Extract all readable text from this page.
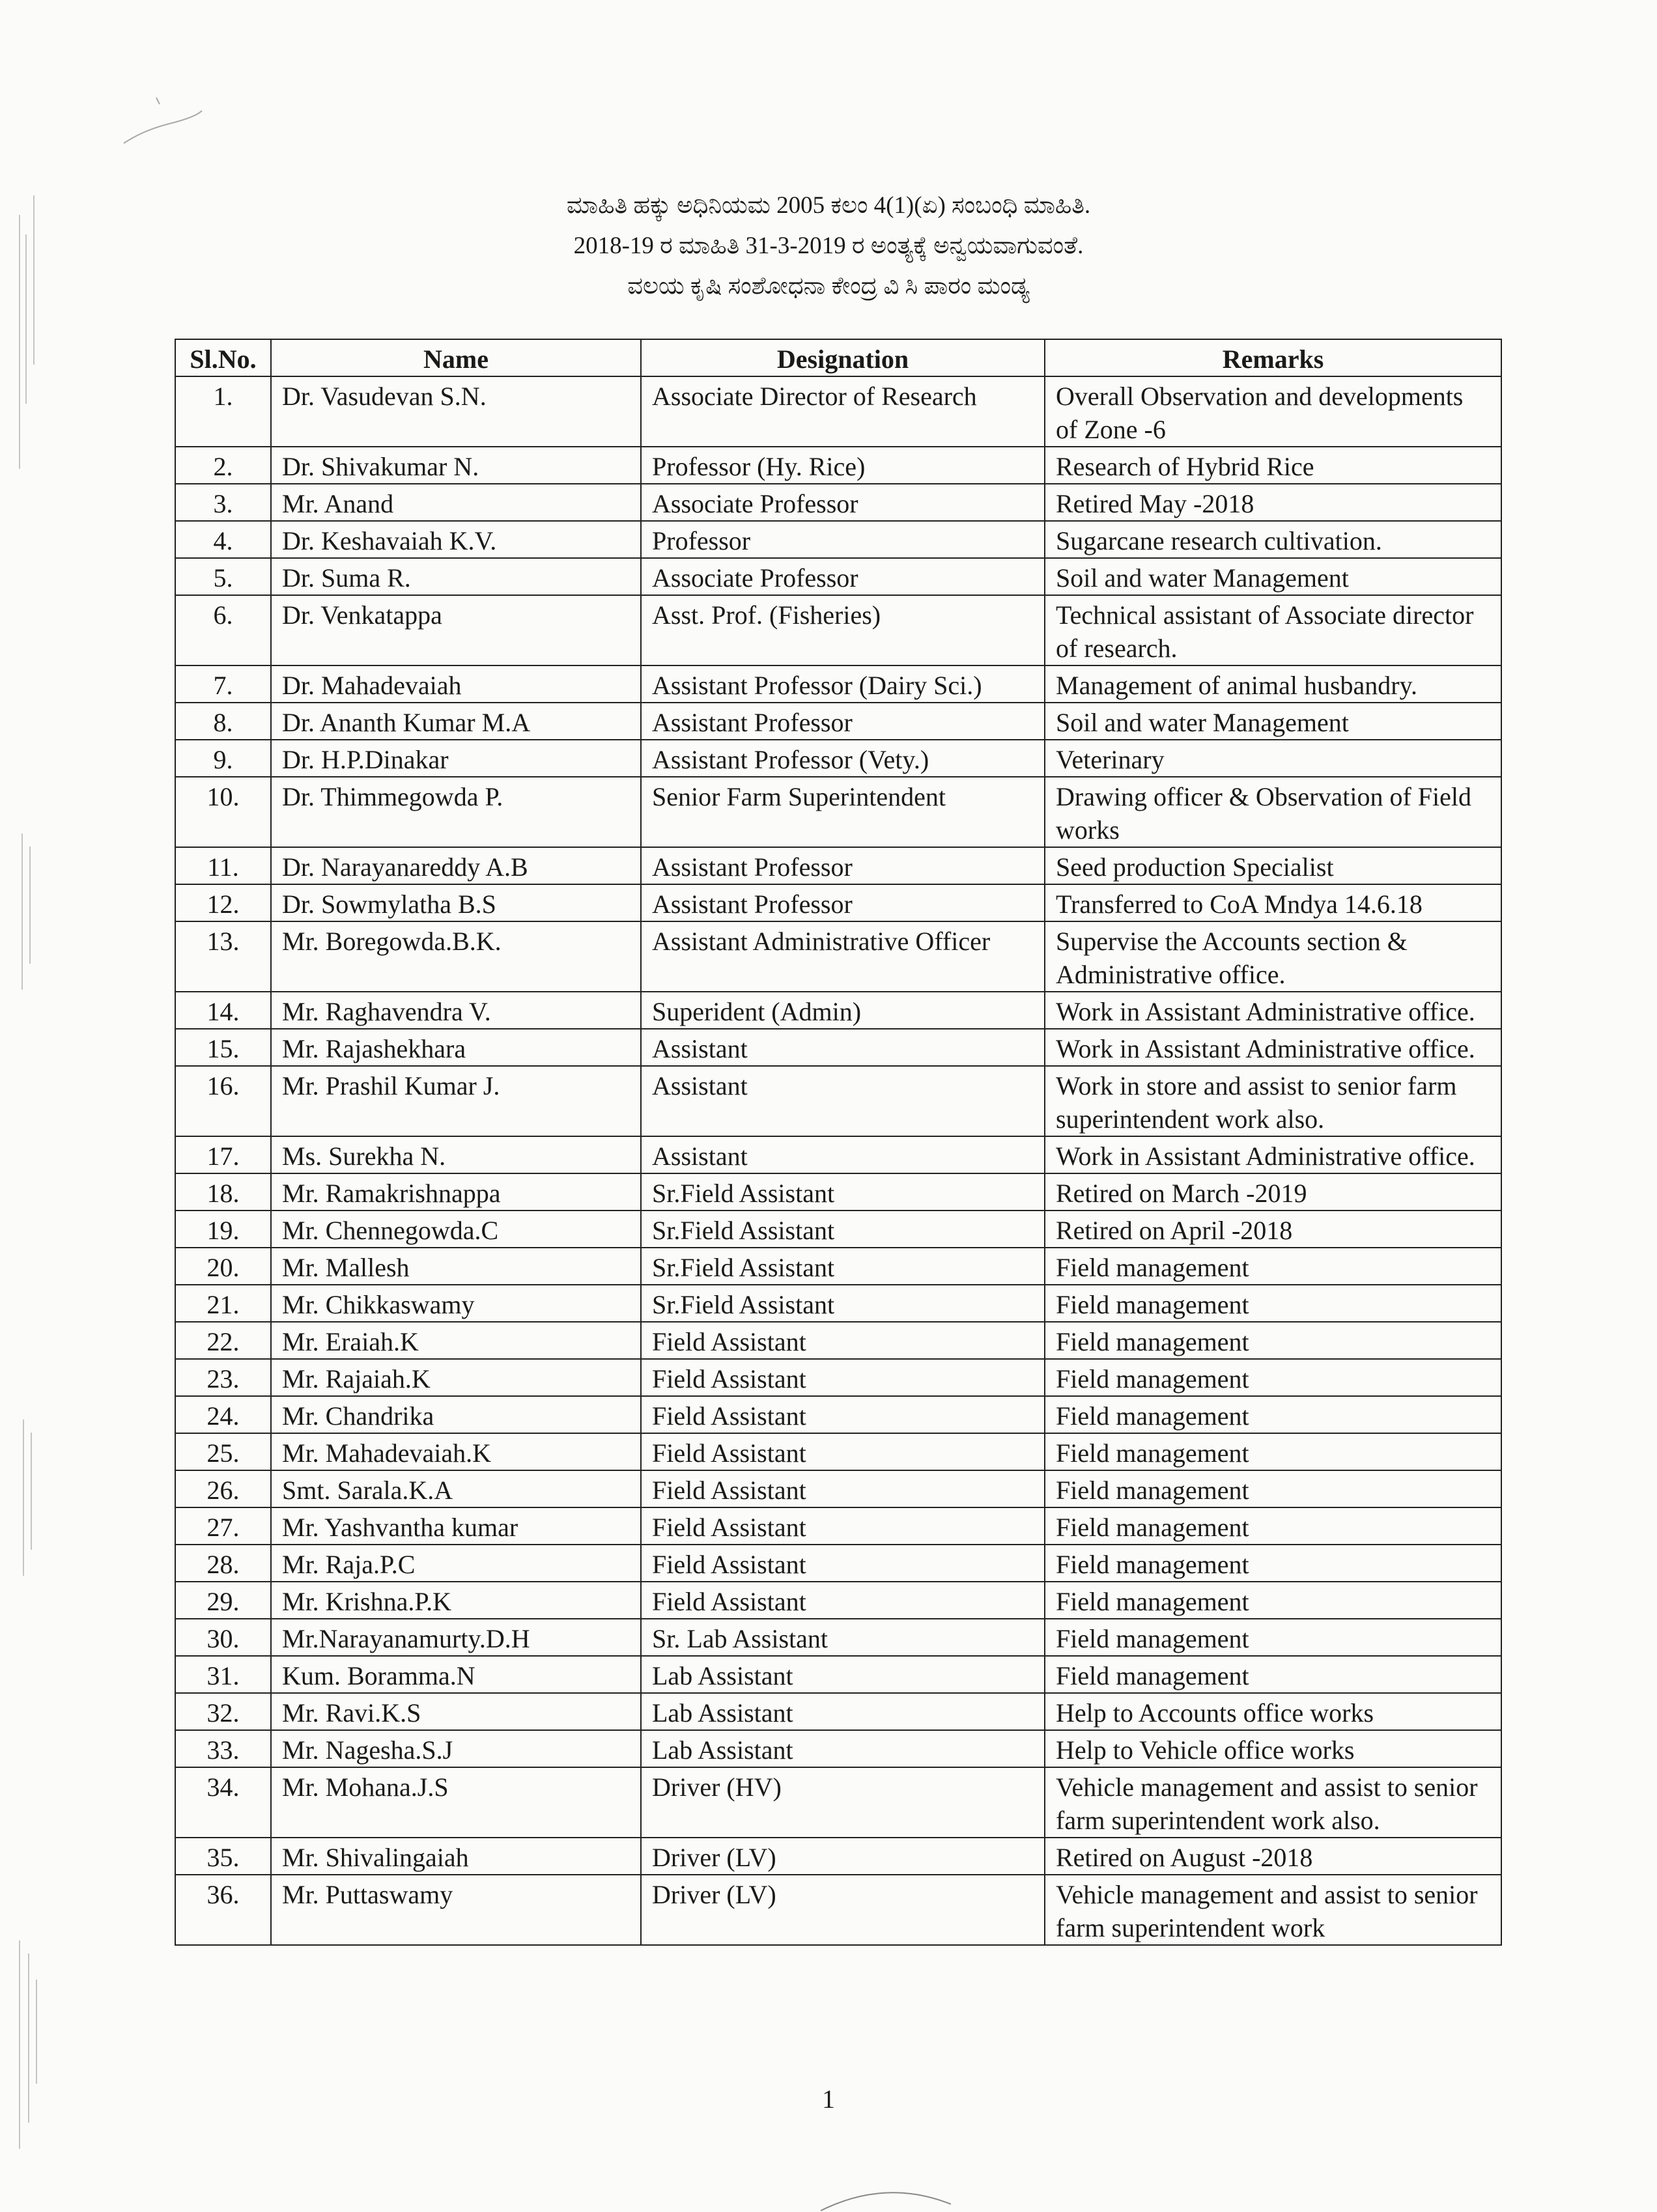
ಮಾಹಿತಿ ಹಕ್ಕು ಅಧಿನಿಯಮ 2005 ಕಲಂ 4(1)(ಏ) ಸಂಬಂಧಿ ಮಾಹಿತಿ.
2018-19 ರ ಮಾಹಿತಿ 31-3-2019 ರ ಅಂತ್ಯಕ್ಕೆ ಅನ್ವಯವಾಗುವಂತೆ.
ವಲಯ ಕೃಷಿ ಸಂಶೋಧನಾ ಕೇಂದ್ರ ವಿ ಸಿ ಪಾರಂ ಮಂಡ್ಯ
Sl.No.	Name	Designation	Remarks
1.	Dr. Vasudevan S.N.	Associate Director of Research	Overall Observation and developments of Zone -6
2.	Dr. Shivakumar N.	Professor (Hy. Rice)	Research of Hybrid Rice
3.	Mr. Anand	Associate Professor	Retired May -2018
4.	Dr. Keshavaiah K.V.	Professor	Sugarcane research cultivation.
5.	Dr. Suma R.	Associate Professor	Soil and water Management
6.	Dr. Venkatappa	Asst. Prof. (Fisheries)	Technical assistant of Associate director of research.
7.	Dr. Mahadevaiah	Assistant Professor (Dairy Sci.)	Management of animal husbandry.
8.	Dr. Ananth Kumar M.A	Assistant Professor	Soil and water Management
9.	Dr. H.P.Dinakar	Assistant Professor (Vety.)	Veterinary
10.	Dr. Thimmegowda P.	Senior Farm Superintendent	Drawing officer & Observation of Field works
11.	Dr. Narayanareddy A.B	Assistant Professor	Seed production Specialist
12.	Dr. Sowmylatha B.S	Assistant Professor	Transferred to CoA Mndya 14.6.18
13.	Mr. Boregowda.B.K.	Assistant Administrative Officer	Supervise the Accounts section & Administrative office.
14.	Mr. Raghavendra V.	Superident (Admin)	Work in Assistant Administrative office.
15.	Mr. Rajashekhara	Assistant	Work in Assistant Administrative office.
16.	Mr. Prashil Kumar J.	Assistant	Work in store and assist to senior farm superintendent work also.
17.	Ms. Surekha N.	Assistant	Work in Assistant Administrative office.
18.	Mr. Ramakrishnappa	Sr.Field Assistant	Retired on March -2019
19.	Mr. Chennegowda.C	Sr.Field Assistant	Retired on April -2018
20.	Mr. Mallesh	Sr.Field Assistant	Field management
21.	Mr. Chikkaswamy	Sr.Field Assistant	Field management
22.	Mr. Eraiah.K	Field Assistant	Field management
23.	Mr. Rajaiah.K	Field Assistant	Field management
24.	Mr. Chandrika	Field Assistant	Field management
25.	Mr. Mahadevaiah.K	Field Assistant	Field management
26.	Smt. Sarala.K.A	Field Assistant	Field management
27.	Mr. Yashvantha kumar	Field Assistant	Field management
28.	Mr. Raja.P.C	Field Assistant	Field management
29.	Mr. Krishna.P.K	Field Assistant	Field management
30.	Mr.Narayanamurty.D.H	Sr. Lab Assistant	Field management
31.	Kum. Boramma.N	Lab Assistant	Field management
32.	Mr. Ravi.K.S	Lab Assistant	Help to Accounts office works
33.	Mr. Nagesha.S.J	Lab Assistant	Help to Vehicle office works
34.	Mr. Mohana.J.S	Driver (HV)	Vehicle management and assist to senior farm superintendent work also.
35.	Mr. Shivalingaiah	Driver (LV)	Retired on August -2018
36.	Mr. Puttaswamy	Driver (LV)	Vehicle management and assist to senior farm superintendent work
1
